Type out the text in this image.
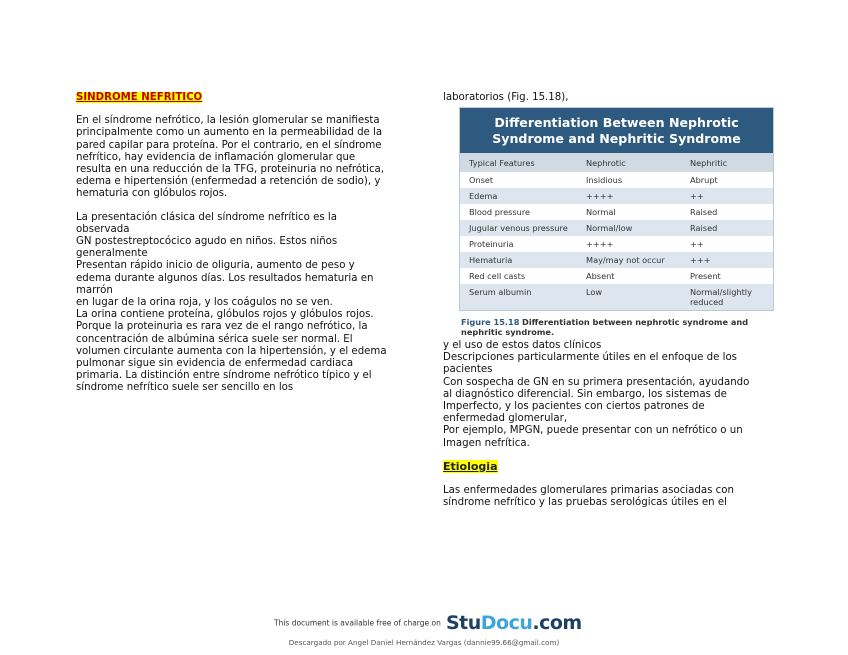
SINDROME NEFRITICO

En el síndrome nefrótico, la lesión glomerular se manifiesta

principalmente como un aumento en la permeabilidad de la

pared capilar para proteína. Por el contrario, en el síndrome

nefrítico, hay evidencia de inflamación glomerular que

resulta en una reducción de la TFG, proteinuria no nefrótica,

edema e hipertensión (enfermedad a retención de sodio), y

hematuria con glóbulos rojos.

La presentación clásica del síndrome nefrítico es la

observada

GN postestreptocócico agudo en niños. Estos niños

generalmente

Presentan rápido inicio de oliguria, aumento de peso y

edema durante algunos días. Los resultados hematuria en

marrón

en lugar de la orina roja, y los coágulos no se ven.

La orina contiene proteína, glóbulos rojos y glóbulos rojos.

Porque la proteinuria es rara vez de el rango nefrótico, la

concentración de albúmina sérica suele ser normal. El

volumen circulante aumenta con la hipertensión, y el edema

pulmonar sigue sin evidencia de enfermedad cardiaca

primaria. La distinción entre síndrome nefrótico típico y el

síndrome nefrítico suele ser sencillo en los

laboratorios (Fig. 15.18),

Differentiation Between Nephrotic
Syndrome and Nephritic Syndrome
Typical Features	Nephrotic	Nephritic
Onset	Insidious	Abrupt
Edema	++++	++
Blood pressure	Normal	Raised
Jugular venous pressure	Normal/low	Raised
Proteinuria	++++	++
Hematuria	May/may not occur	+++
Red cell casts	Absent	Present
Serum albumin	Low	Normal/slightly reduced
Figure 15.18 Differentiation between nephrotic syndrome and nephritic syndrome.

y el uso de estos datos clínicos

Descripciones particularmente útiles en el enfoque de los

pacientes

Con sospecha de GN en su primera presentación, ayudando

al diagnóstico diferencial. Sin embargo, los sistemas de

Imperfecto, y los pacientes con ciertos patrones de

enfermedad glomerular,

Por ejemplo, MPGN, puede presentar con un nefrótico o un

Imagen nefrítica.

Etiologia

Las enfermedades glomerulares primarias asociadas con

síndrome nefrítico y las pruebas serológicas útiles en el

This document is available free of charge on StuDocu.com
Descargado por Angel Daniel Hernández Vargas (dannie99.66@gmail.com)
